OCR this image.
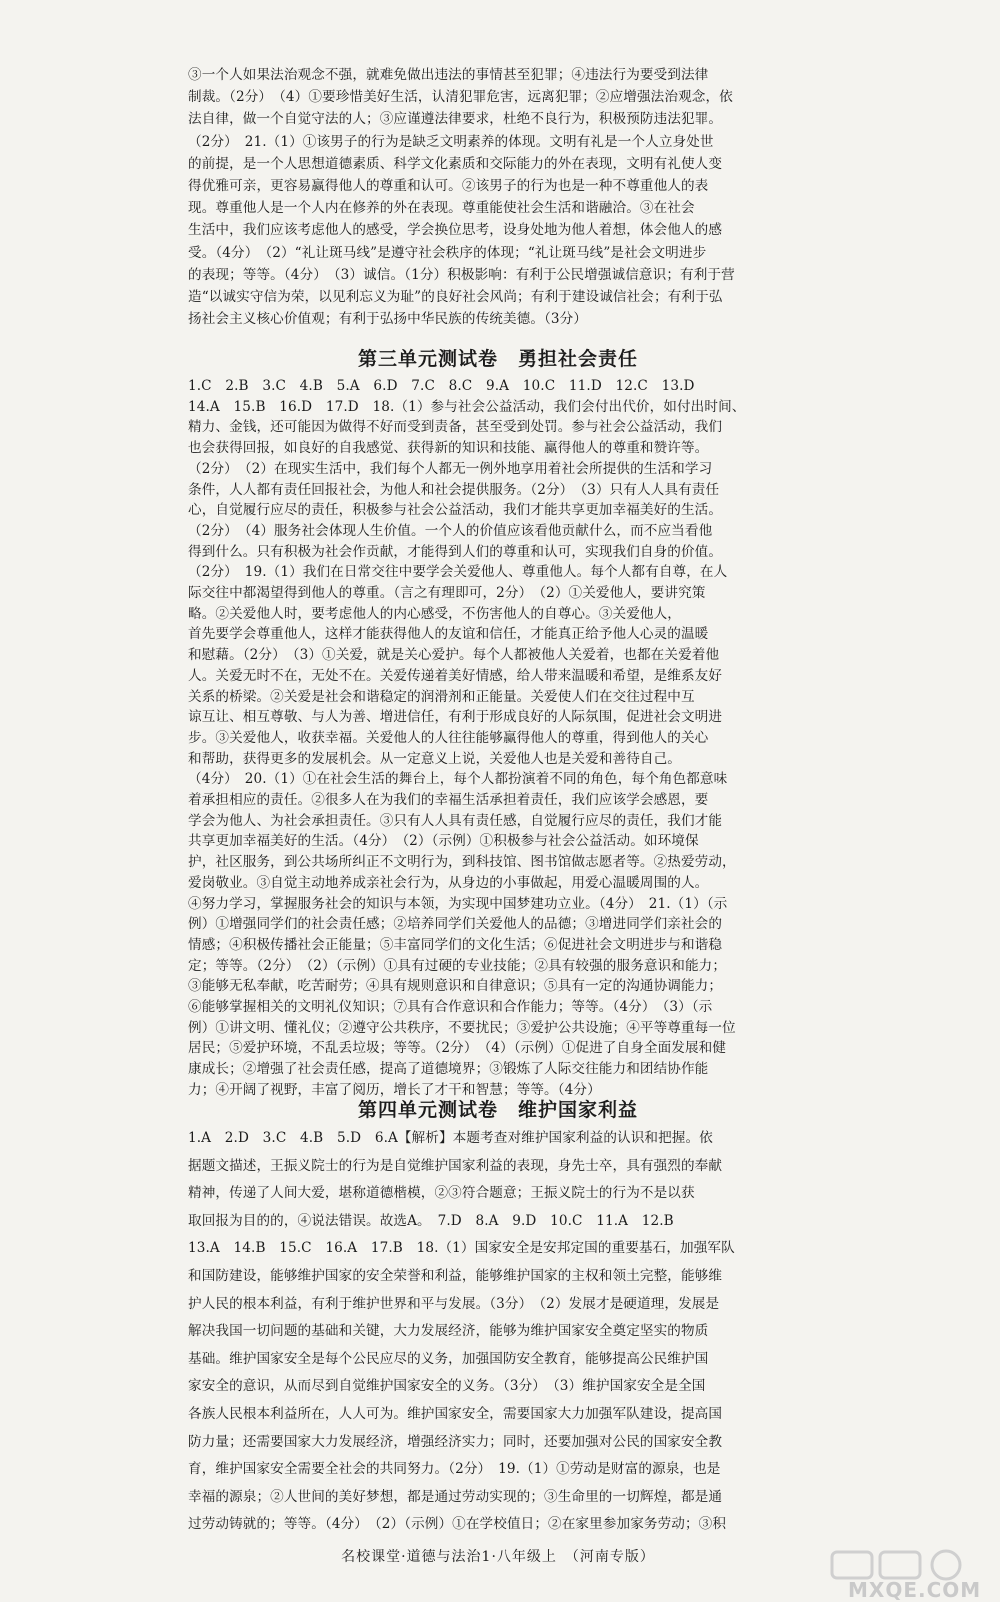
③一个人如果法治观念不强，就难免做出违法的事情甚至犯罪；④违法行为要受到法律
制裁。（2分）　（4）①要珍惜美好生活，认清犯罪危害，远离犯罪；②应增强法治观念，依
法自律，做一个自觉守法的人；③应谨遵法律要求，杜绝不良行为，积极预防违法犯罪。
（2分）　21.（1）①该男子的行为是缺乏文明素养的体现。文明有礼是一个人立身处世
的前提，是一个人思想道德素质、科学文化素质和交际能力的外在表现，文明有礼使人变
得优雅可亲，更容易赢得他人的尊重和认可。②该男子的行为也是一种不尊重他人的表
现。尊重他人是一个人内在修养的外在表现。尊重能使社会生活和谐融洽。③在社会
生活中，我们应该考虑他人的感受，学会换位思考，设身处地为他人着想，体会他人的感
受。（4分）　（2）“礼让斑马线”是遵守社会秩序的体现；“礼让斑马线”是社会文明进步
的表现；等等。（4分）　（3）诚信。（1分）积极影响：有利于公民增强诚信意识；有利于营
造“以诚实守信为荣，以见利忘义为耻”的良好社会风尚；有利于建设诚信社会；有利于弘
扬社会主义核心价值观；有利于弘扬中华民族的传统美德。（3分）
第三单元测试卷　勇担社会责任
1.C　2.B　3.C　4.B　5.A　6.D　7.C　8.C　9.A　10.C　11.D　12.C　13.D
14.A　15.B　16.D　17.D　18.（1）参与社会公益活动，我们会付出代价，如付出时间、
精力、金钱，还可能因为做得不好而受到责备，甚至受到处罚。参与社会公益活动，我们
也会获得回报，如良好的自我感觉、获得新的知识和技能、赢得他人的尊重和赞许等。
（2分）　（2）在现实生活中，我们每个人都无一例外地享用着社会所提供的生活和学习
条件，人人都有责任回报社会，为他人和社会提供服务。（2分）　（3）只有人人具有责任
心，自觉履行应尽的责任，积极参与社会公益活动，我们才能共享更加幸福美好的生活。
（2分）　（4）服务社会体现人生价值。一个人的价值应该看他贡献什么，而不应当看他
得到什么。只有积极为社会作贡献，才能得到人们的尊重和认可，实现我们自身的价值。
（2分）　19.（1）我们在日常交往中要学会关爱他人、尊重他人。每个人都有自尊，在人
际交往中都渴望得到他人的尊重。（言之有理即可，2分）　（2）①关爱他人，要讲究策
略。②关爱他人时，要考虑他人的内心感受，不伤害他人的自尊心。③关爱他人，
首先要学会尊重他人，这样才能获得他人的友谊和信任，才能真正给予他人心灵的温暖
和慰藉。（2分）　（3）①关爱，就是关心爱护。每个人都被他人关爱着，也都在关爱着他
人。关爱无时不在，无处不在。关爱传递着美好情感，给人带来温暖和希望，是维系友好
关系的桥梁。②关爱是社会和谐稳定的润滑剂和正能量。关爱使人们在交往过程中互
谅互让、相互尊敬、与人为善、增进信任，有利于形成良好的人际氛围，促进社会文明进
步。③关爱他人，收获幸福。关爱他人的人往往能够赢得他人的尊重，得到他人的关心
和帮助，获得更多的发展机会。从一定意义上说，关爱他人也是关爱和善待自己。
（4分）　20.（1）①在社会生活的舞台上，每个人都扮演着不同的角色，每个角色都意味
着承担相应的责任。②很多人在为我们的幸福生活承担着责任，我们应该学会感恩，要
学会为他人、为社会承担责任。③只有人人具有责任感，自觉履行应尽的责任，我们才能
共享更加幸福美好的生活。（4分）　（2）（示例）①积极参与社会公益活动。如环境保
护，社区服务，到公共场所纠正不文明行为，到科技馆、图书馆做志愿者等。②热爱劳动，
爱岗敬业。③自觉主动地养成亲社会行为，从身边的小事做起，用爱心温暖周围的人。
④努力学习，掌握服务社会的知识与本领，为实现中国梦建功立业。（4分）　21.（1）（示
例）①增强同学们的社会责任感；②培养同学们关爱他人的品德；③增进同学们亲社会的
情感；④积极传播社会正能量；⑤丰富同学们的文化生活；⑥促进社会文明进步与和谐稳
定；等等。（2分）　（2）（示例）①具有过硬的专业技能；②具有较强的服务意识和能力；
③能够无私奉献，吃苦耐劳；④具有规则意识和自律意识；⑤具有一定的沟通协调能力；
⑥能够掌握相关的文明礼仪知识；⑦具有合作意识和合作能力；等等。（4分）　（3）（示
例）①讲文明、懂礼仪；②遵守公共秩序，不要扰民；③爱护公共设施；④平等尊重每一位
居民；⑤爱护环境，不乱丢垃圾；等等。（2分）　（4）（示例）①促进了自身全面发展和健
康成长；②增强了社会责任感，提高了道德境界；③锻炼了人际交往能力和团结协作能
力；④开阔了视野，丰富了阅历，增长了才干和智慧；等等。（4分）
第四单元测试卷　维护国家利益
1.A　2.D　3.C　4.B　5.D　6.A【解析】本题考查对维护国家利益的认识和把握。依
据题文描述，王振义院士的行为是自觉维护国家利益的表现，身先士卒，具有强烈的奉献
精神，传递了人间大爱，堪称道德楷模，②③符合题意；王振义院士的行为不是以获
取回报为目的的，④说法错误。故选A。　7.D　8.A　9.D　10.C　11.A　12.B
13.A　14.B　15.C　16.A　17.B　18.（1）国家安全是安邦定国的重要基石，加强军队
和国防建设，能够维护国家的安全荣誉和利益，能够维护国家的主权和领土完整，能够维
护人民的根本利益，有利于维护世界和平与发展。（3分）　（2）发展才是硬道理，发展是
解决我国一切问题的基础和关键，大力发展经济，能够为维护国家安全奠定坚实的物质
基础。维护国家安全是每个公民应尽的义务，加强国防安全教育，能够提高公民维护国
家安全的意识，从而尽到自觉维护国家安全的义务。（3分）　（3）维护国家安全是全国
各族人民根本利益所在，人人可为。维护国家安全，需要国家大力加强军队建设，提高国
防力量；还需要国家大力发展经济，增强经济实力；同时，还要加强对公民的国家安全教
育，维护国家安全需要全社会的共同努力。（2分）　19.（1）①劳动是财富的源泉，也是
幸福的源泉；②人世间的美好梦想，都是通过劳动实现的；③生命里的一切辉煌，都是通
过劳动铸就的；等等。（4分）　（2）（示例）①在学校值日；②在家里参加家务劳动；③积
名校课堂·道德与法治1·八年级上　（河南专版）
MXQE.COM
